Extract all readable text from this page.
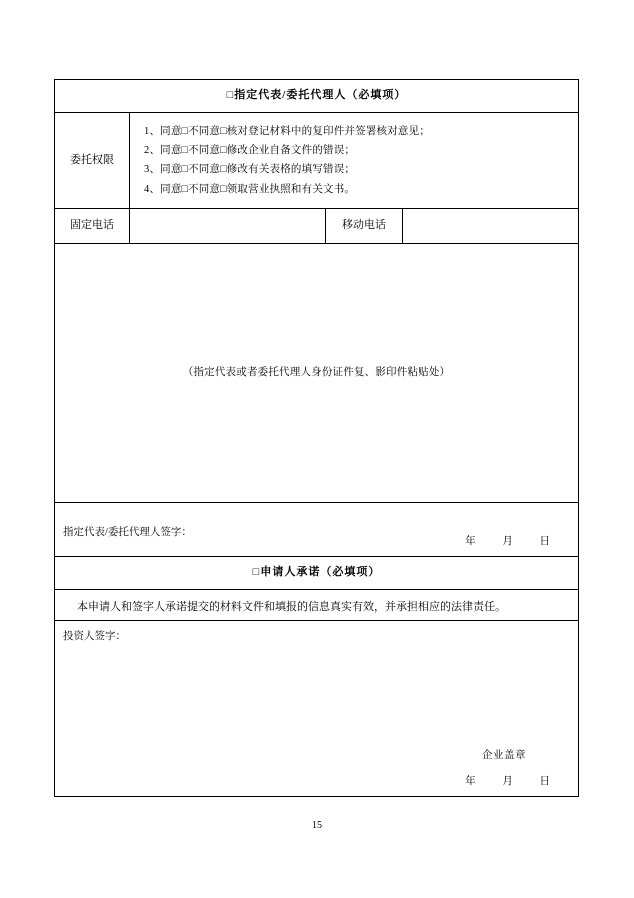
□指定代表/委托代理人（必填项）			
委托权限	1、同意□不同意□核对登记材料中的复印件并签署核对意见；
2、同意□不同意□修改企业自备文件的错误；
3、同意□不同意□修改有关表格的填写错误；
4、同意□不同意□领取营业执照和有关文书。		

固定电话		移动电话	
（指定代表或者委托代理人身份证件复、影印件粘贴处）			
指定代表/委托代理人签字：
年 月 日			

□申请人承诺（必填项）			
本申请人和签字人承诺提交的材料文件和填报的信息真实有效，并承担相应的法律责任。			

投资人签字：
企业盖章
年 月 日			
15
